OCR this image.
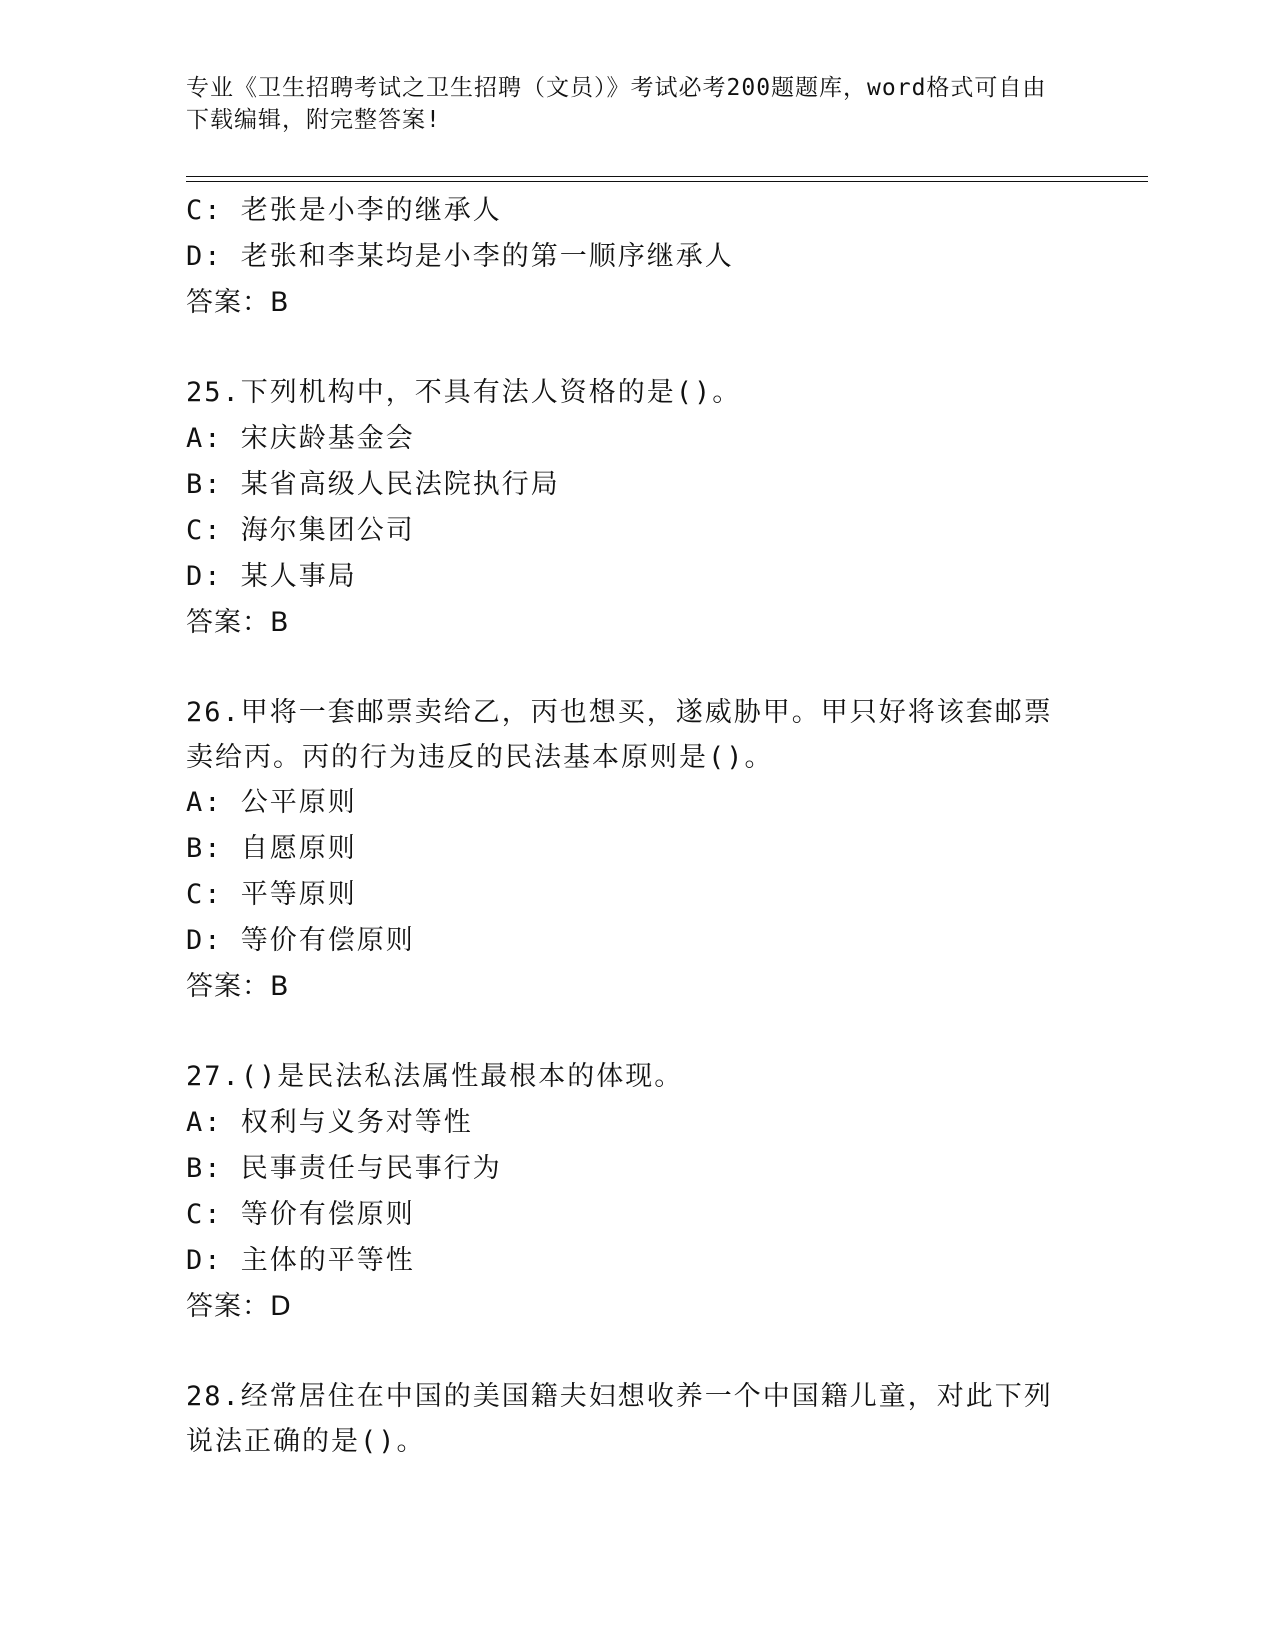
专业《卫生招聘考试之卫生招聘（文员）》考试必考200题题库，word格式可自由下载编辑，附完整答案!
C: 老张是小李的继承人
D: 老张和李某均是小李的第一顺序继承人
答案：B
25.下列机构中，不具有法人资格的是()。
A: 宋庆龄基金会
B: 某省高级人民法院执行局
C: 海尔集团公司
D: 某人事局
答案：B
26.甲将一套邮票卖给乙，丙也想买，遂威胁甲。甲只好将该套邮票卖给丙。丙的行为违反的民法基本原则是()。
A: 公平原则
B: 自愿原则
C: 平等原则
D: 等价有偿原则
答案：B
27.()是民法私法属性最根本的体现。
A: 权利与义务对等性
B: 民事责任与民事行为
C: 等价有偿原则
D: 主体的平等性
答案：D
28.经常居住在中国的美国籍夫妇想收养一个中国籍儿童，对此下列说法正确的是()。
